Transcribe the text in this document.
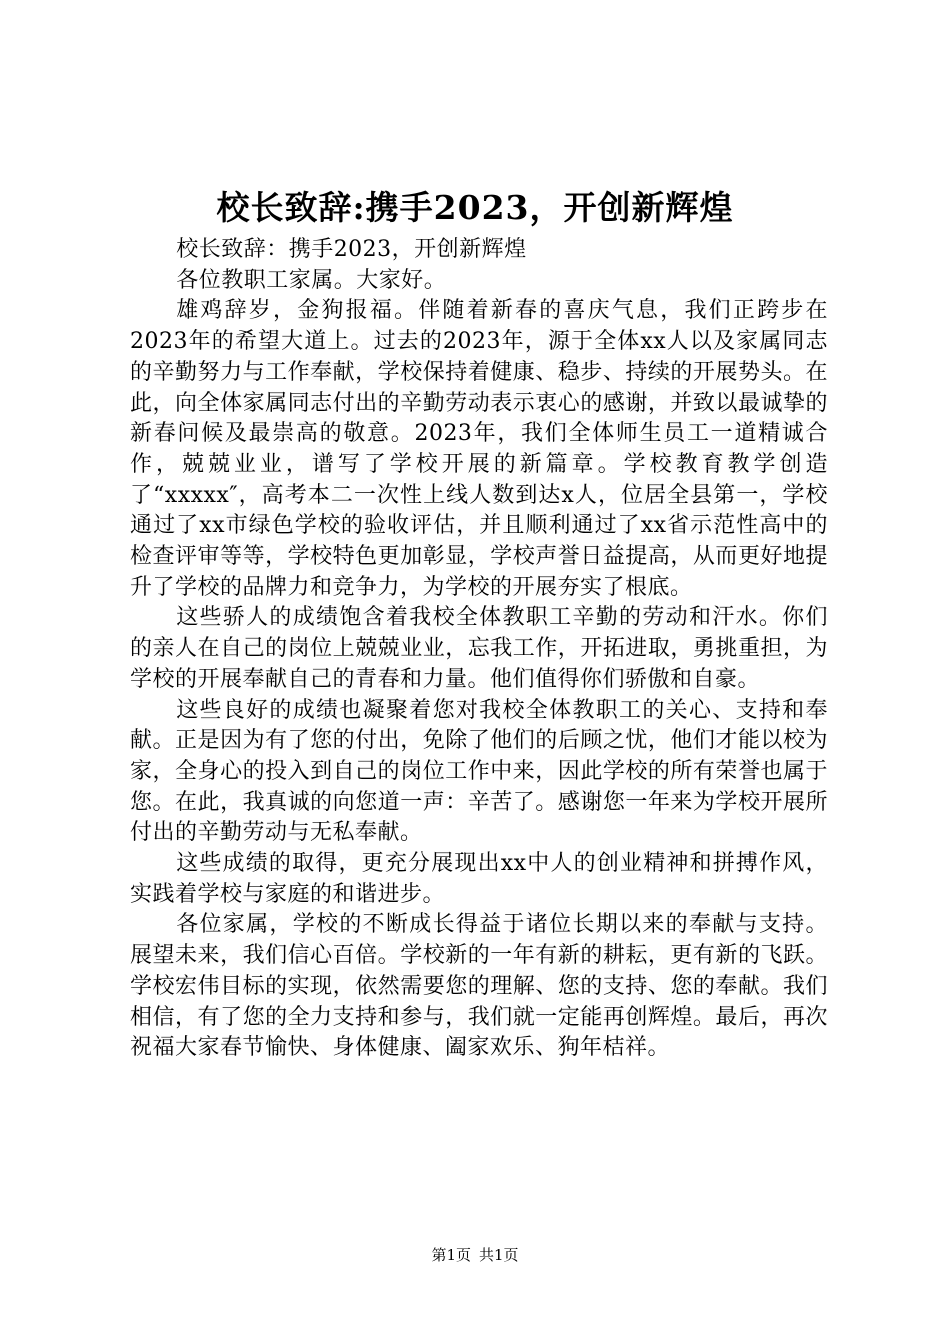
校长致辞:携手2023，开创新辉煌

校长致辞：携手2023，开创新辉煌

各位教职工家属。大家好。

雄鸡辞岁，金狗报福。伴随着新春的喜庆气息，我们正跨步在2023年的希望大道上。过去的2023年，源于全体xx人以及家属同志的辛勤努力与工作奉献，学校保持着健康、稳步、持续的开展势头。在此，向全体家属同志付出的辛勤劳动表示衷心的感谢，并致以最诚挚的新春问候及最崇高的敬意。2023年，我们全体师生员工一道精诚合作，兢兢业业，谱写了学校开展的新篇章。学校教育教学创造了“xxxxx″，高考本二一次性上线人数到达x人，位居全县第一，学校通过了xx市绿色学校的验收评估，并且顺利通过了xx省示范性高中的检查评审等等，学校特色更加彰显，学校声誉日益提高，从而更好地提升了学校的品牌力和竞争力，为学校的开展夯实了根底。

这些骄人的成绩饱含着我校全体教职工辛勤的劳动和汗水。你们的亲人在自己的岗位上兢兢业业，忘我工作，开拓进取，勇挑重担，为学校的开展奉献自己的青春和力量。他们值得你们骄傲和自豪。

这些良好的成绩也凝聚着您对我校全体教职工的关心、支持和奉献。正是因为有了您的付出，免除了他们的后顾之忧，他们才能以校为家，全身心的投入到自己的岗位工作中来，因此学校的所有荣誉也属于您。在此，我真诚的向您道一声：辛苦了。感谢您一年来为学校开展所付出的辛勤劳动与无私奉献。

这些成绩的取得，更充分展现出xx中人的创业精神和拼搏作风，实践着学校与家庭的和谐进步。

各位家属，学校的不断成长得益于诸位长期以来的奉献与支持。展望未来，我们信心百倍。学校新的一年有新的耕耘，更有新的飞跃。学校宏伟目标的实现，依然需要您的理解、您的支持、您的奉献。我们相信，有了您的全力支持和参与，我们就一定能再创辉煌。最后，再次祝福大家春节愉快、身体健康、阖家欢乐、狗年桔祥。

第1页 共1页
